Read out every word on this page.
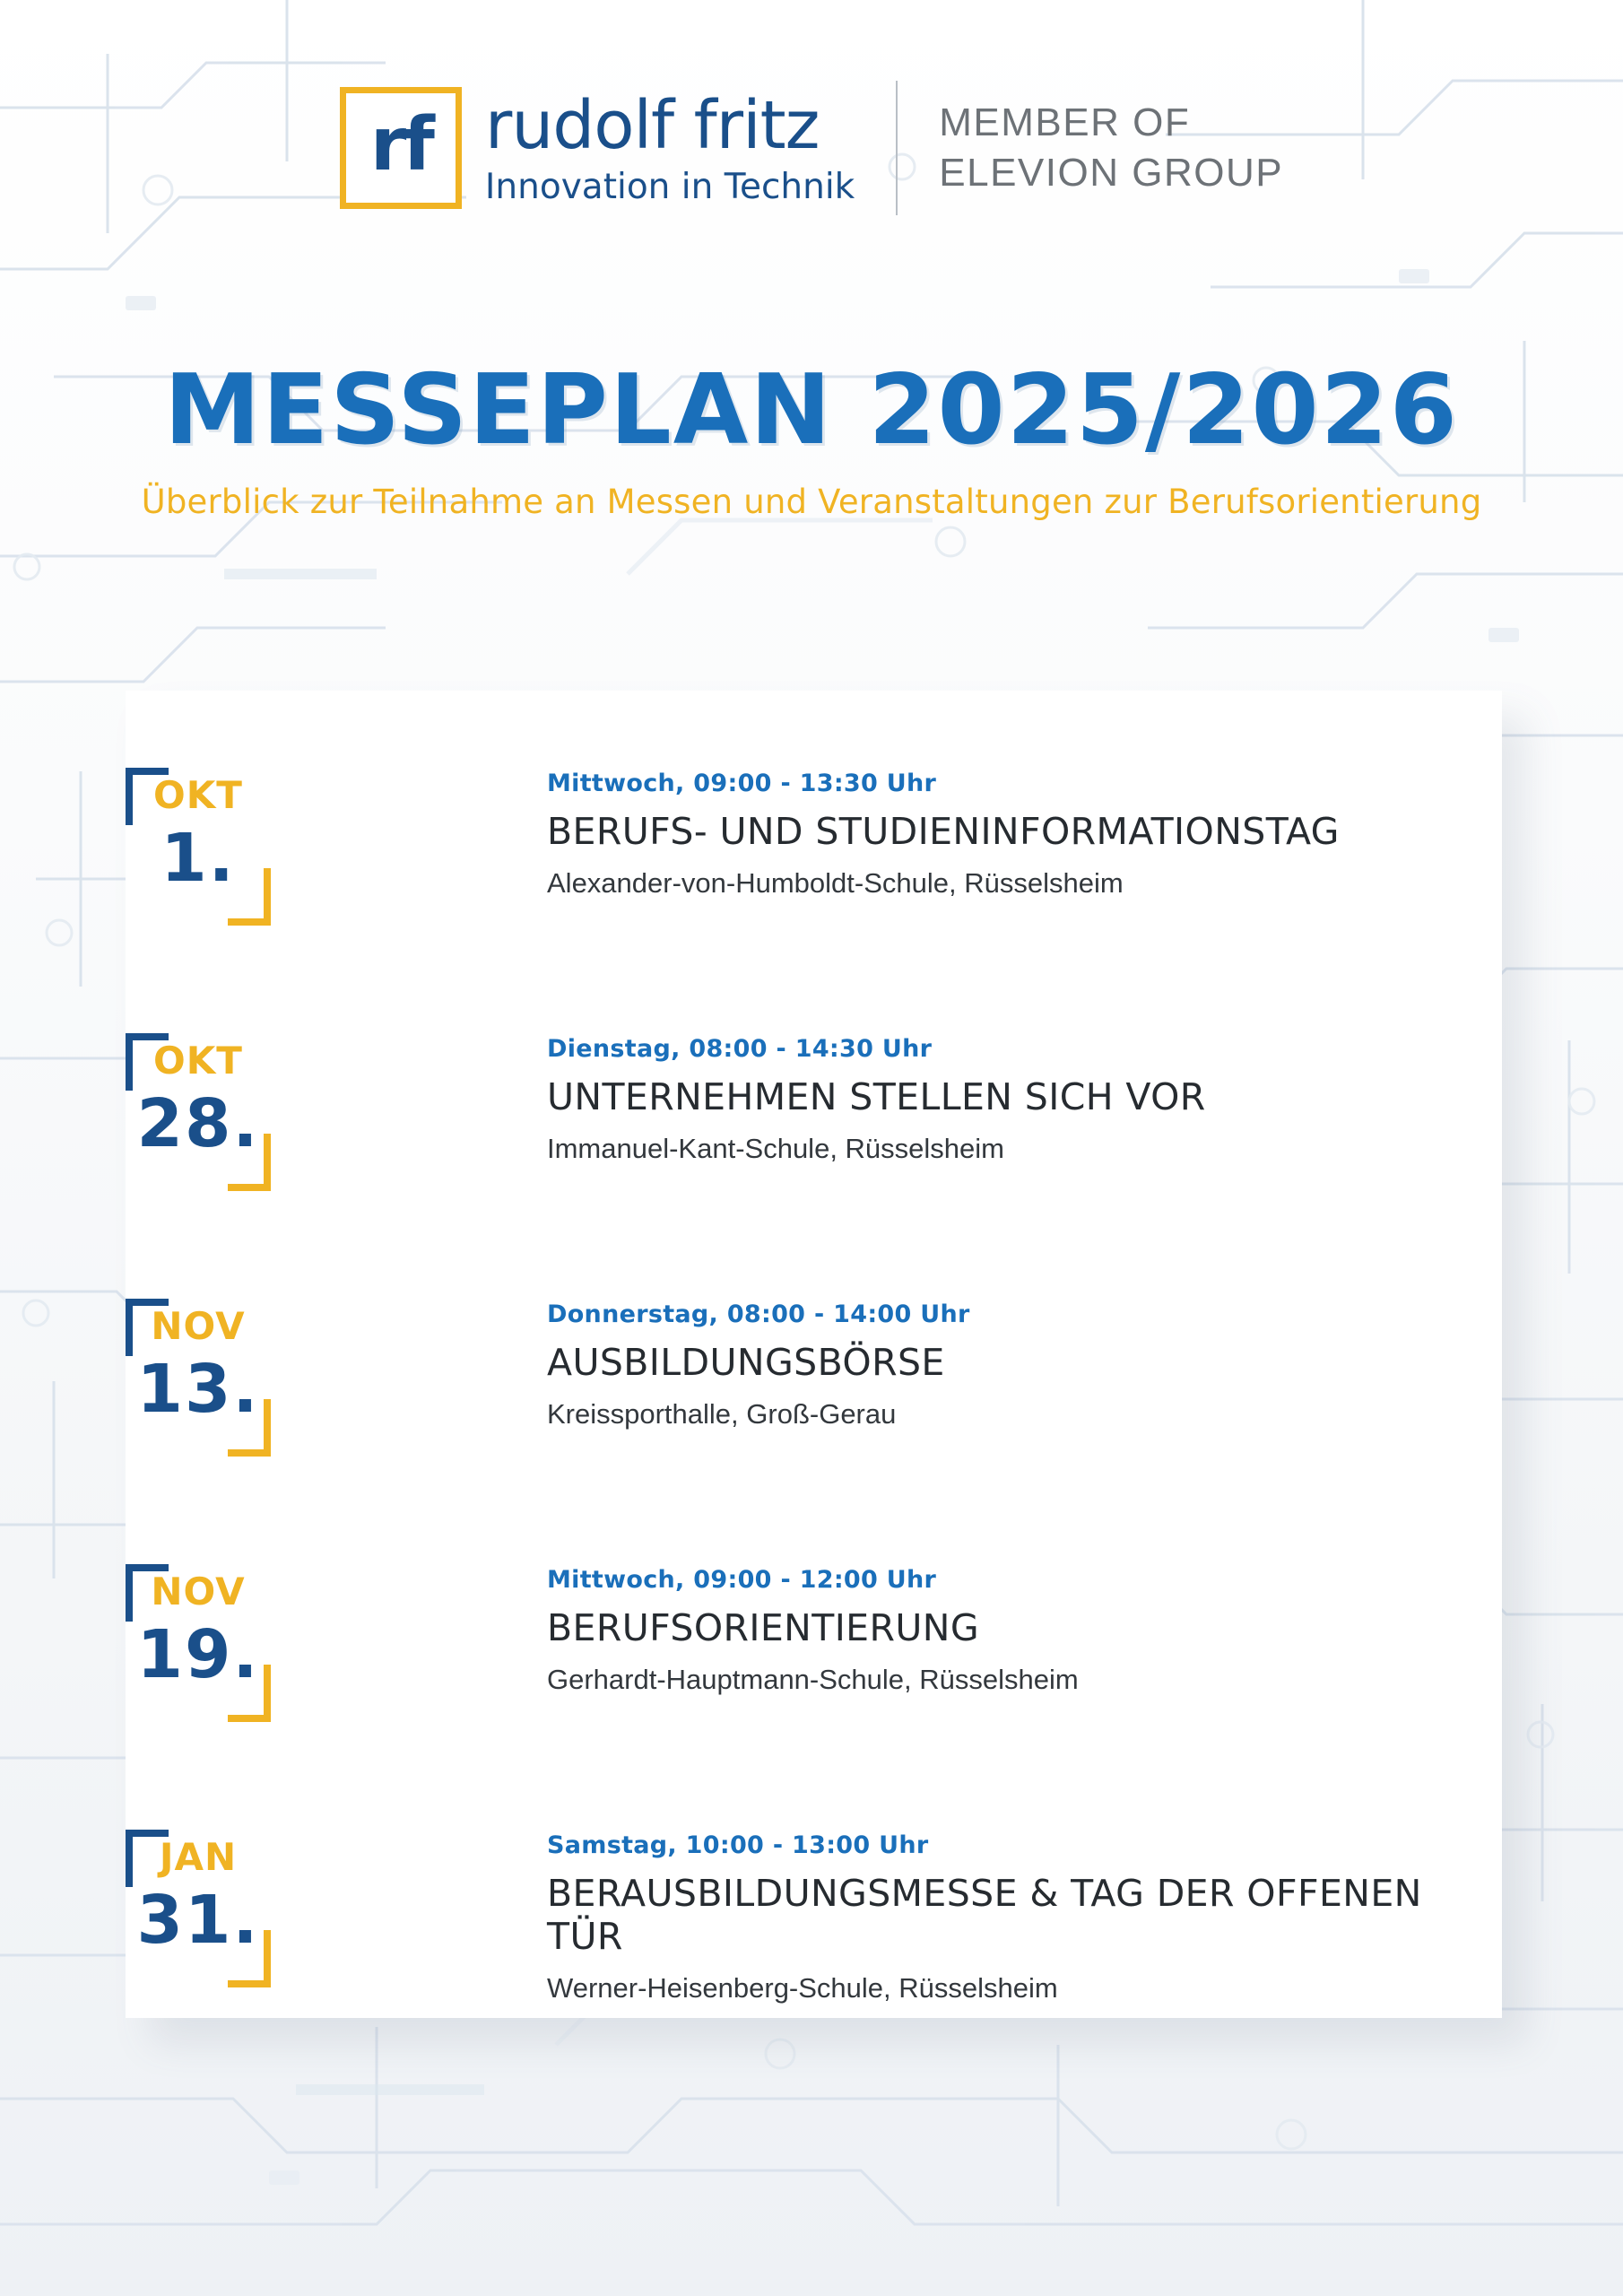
rf rudolf fritz
Innovation in Technik
MEMBER OF
ELEVION GROUP
MESSEPLAN 2025/2026
Überblick zur Teilnahme an Messen und Veranstaltungen zur Berufsorientierung
OKT
1.
Mittwoch, 09:00 - 13:30 Uhr
BERUFS- UND STUDIENINFORMATIONSTAG
Alexander-von-Humboldt-Schule, Rüsselsheim
OKT
28.
Dienstag, 08:00 - 14:30 Uhr
UNTERNEHMEN STELLEN SICH VOR
Immanuel-Kant-Schule, Rüsselsheim
NOV
13.
Donnerstag, 08:00 - 14:00 Uhr
AUSBILDUNGSBÖRSE
Kreissporthalle, Groß-Gerau
NOV
19.
Mittwoch, 09:00 - 12:00 Uhr
BERUFSORIENTIERUNG
Gerhardt-Hauptmann-Schule, Rüsselsheim
JAN
31.
Samstag, 10:00 - 13:00 Uhr
BERAUSBILDUNGSMESSE & TAG DER OFFENEN TÜR
Werner-Heisenberg-Schule, Rüsselsheim
